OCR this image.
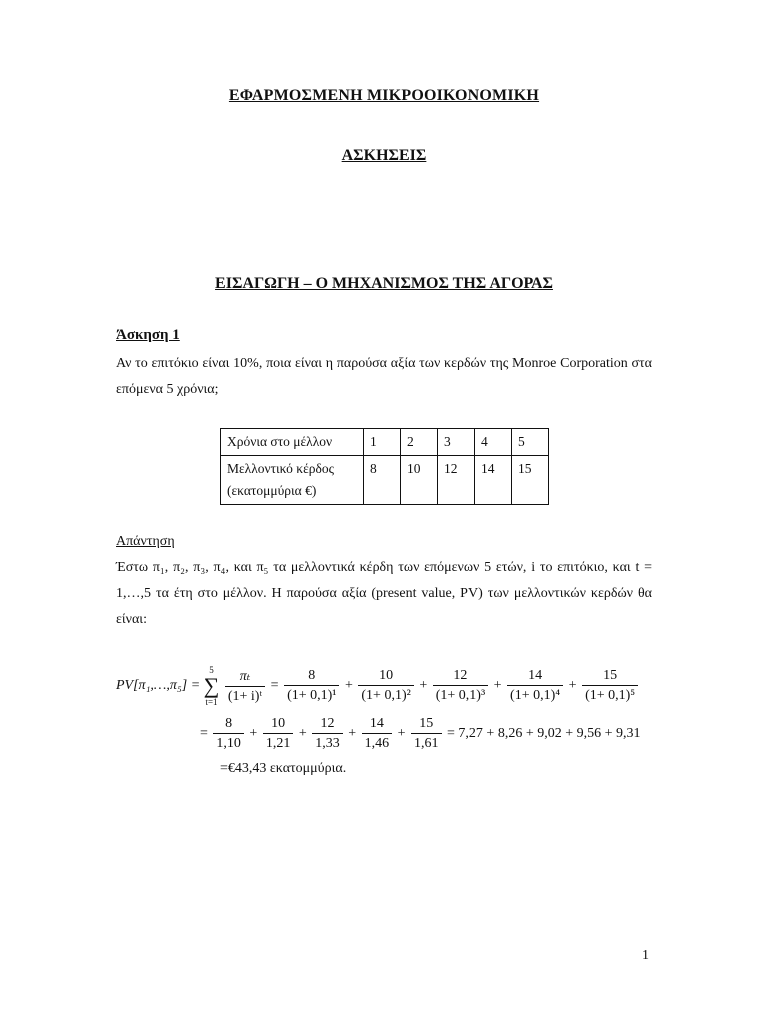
ΕΦΑΡΜΟΣΜΕΝΗ ΜΙΚΡΟΟΙΚΟΝΟΜΙΚΗ
ΑΣΚΗΣΕΙΣ
ΕΙΣΑΓΩΓΗ – Ο ΜΗΧΑΝΙΣΜΟΣ ΤΗΣ ΑΓΟΡΑΣ
Άσκηση 1
Αν το επιτόκιο είναι 10%, ποια είναι η παρούσα αξία των κερδών της Monroe Corporation στα επόμενα 5 χρόνια;
Χρόνια στο μέλλον	1	2	3	4	5
Μελλοντικό κέρδος (εκατομμύρια €)	8	10	12	14	15
Απάντηση
Έστω π₁, π₂, π₃, π₄, και π₅ τα μελλοντικά κέρδη των επόμενων 5 ετών, i το επιτόκιο, και t = 1,…,5 τα έτη στο μέλλον. Η παρούσα αξία (present value, PV) των μελλοντικών κερδών θα είναι:
PV[π₁,…,π₅] = 5
∑
$t=1 \frac{\text{πₜ}}{\text{(1+ i)ᵗ}} = \frac{8}{\text{(1+ 0,1)¹}} + \frac{10}{\text{(1+ 0,1)²}} + \frac{12}{\text{(1+ 0,1)³}} + \frac{14}{\text{(1+ 0,1)⁴}} + \frac{15}{\text{(1+ 0,1)⁵}}$
= $\frac{8}{1,10} + \frac{10}{1,21} + \frac{12}{1,33} + \frac{14}{1,46} + \frac{15}{1,61} = 7,27 + 8,26 + 9,02 + 9,56 + 9,31$
=€43,43 εκατομμύρια.
1
